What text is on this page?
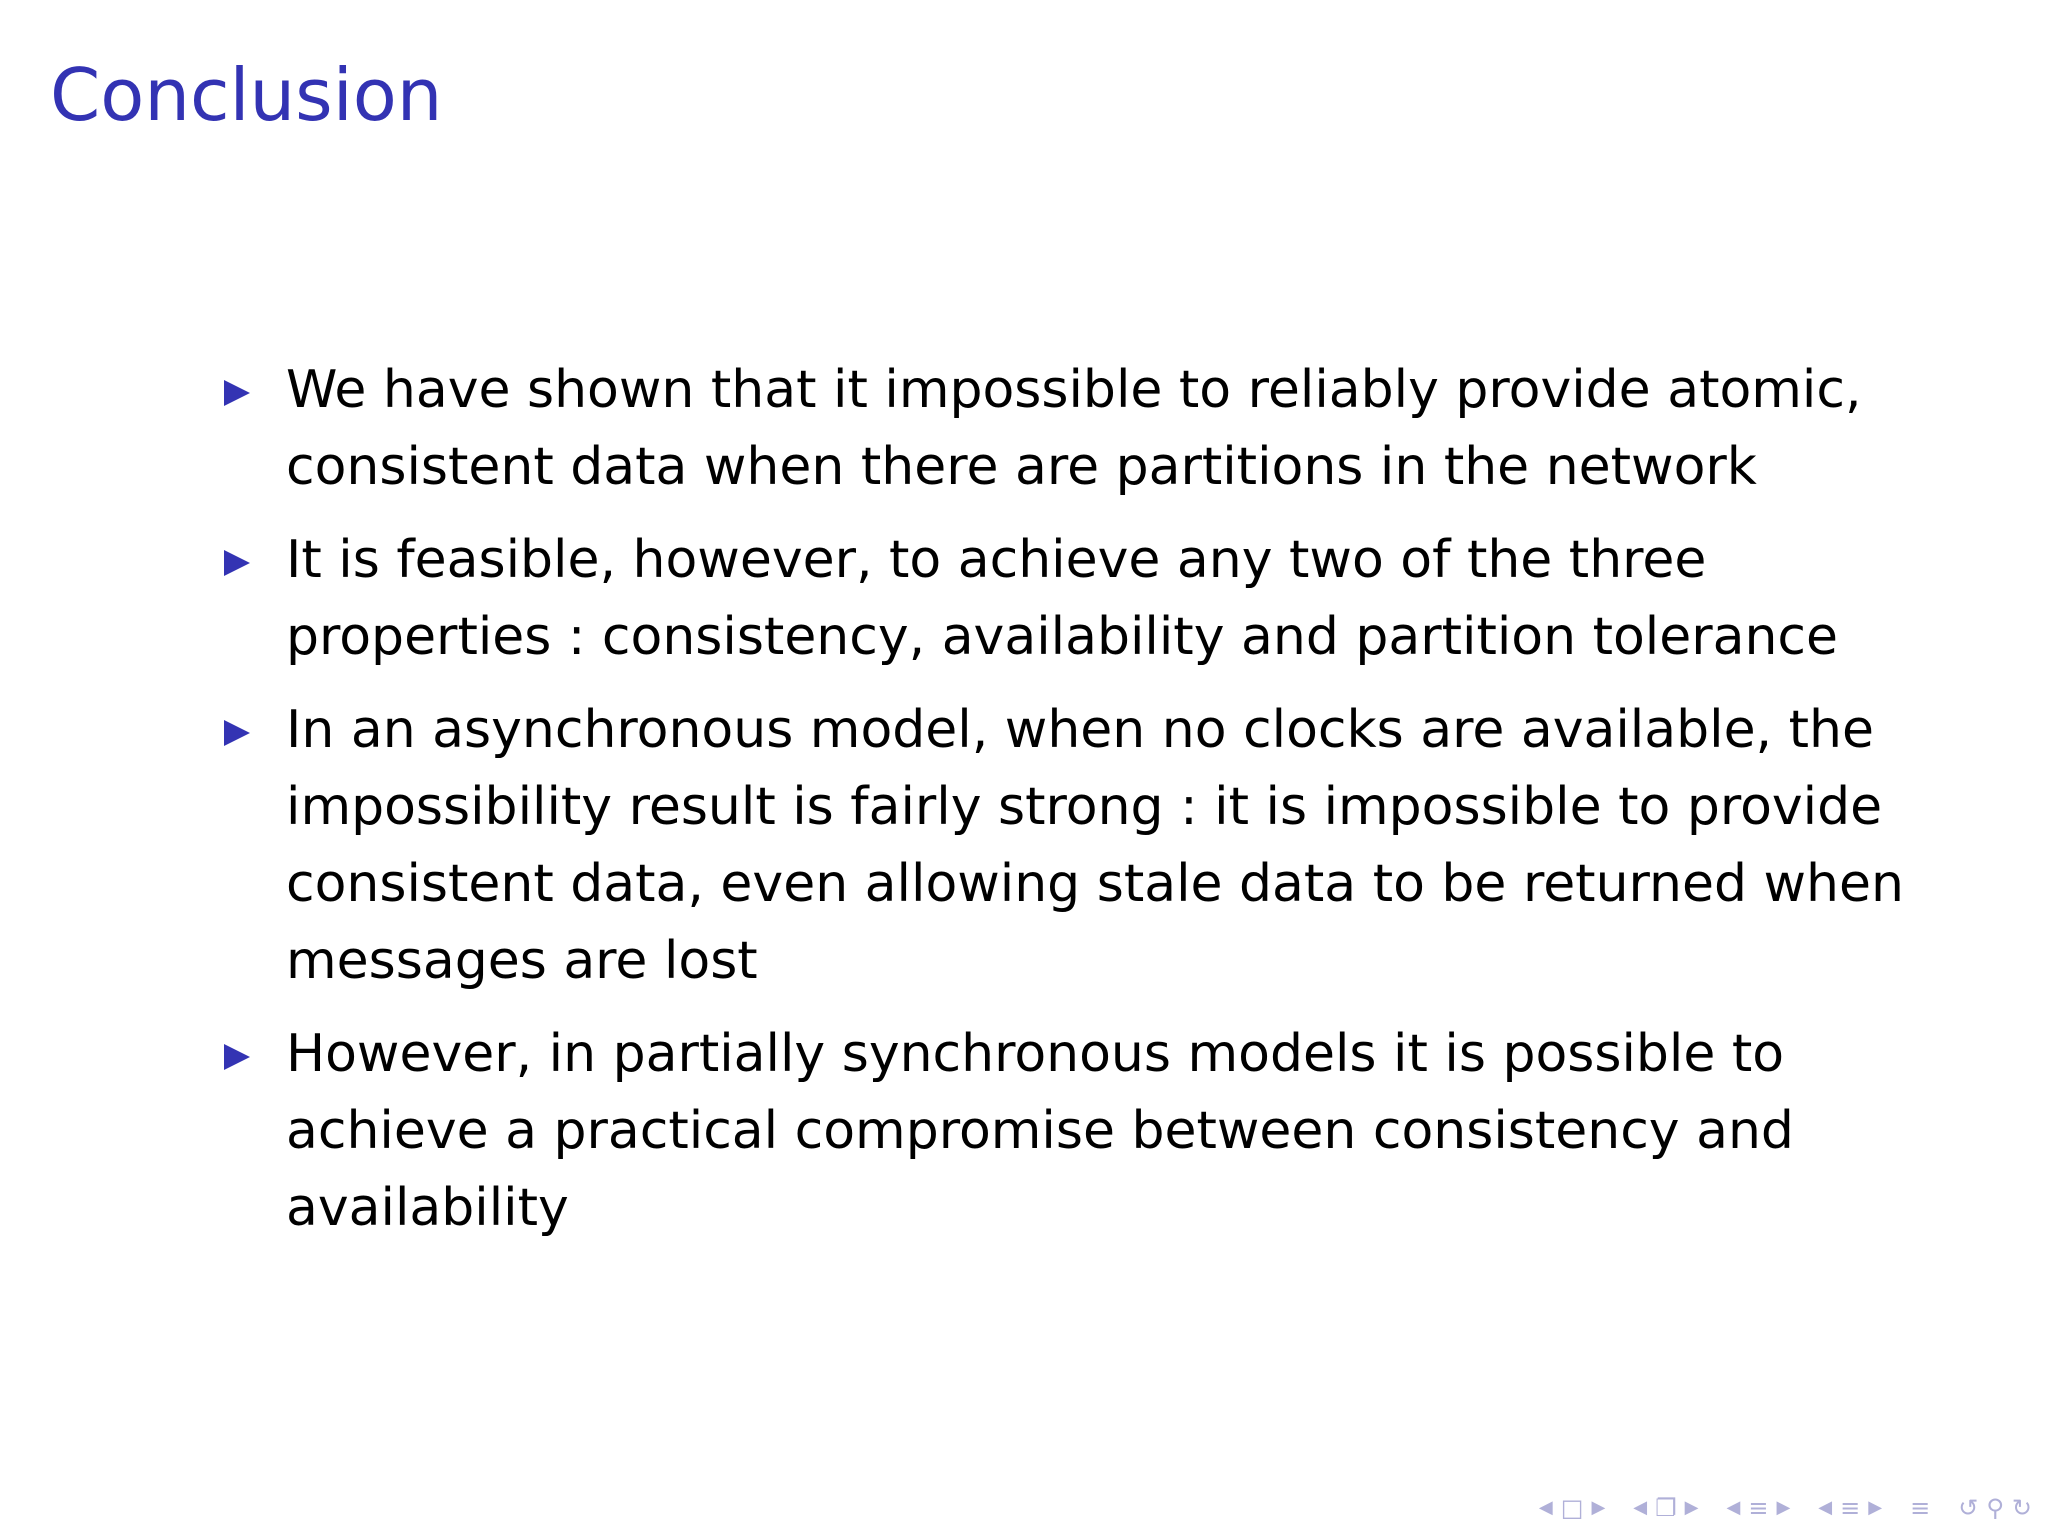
Conclusion
We have shown that it impossible to reliably provide atomic, consistent data when there are partitions in the network
It is feasible, however, to achieve any two of the three properties : consistency, availability and partition tolerance
In an asynchronous model, when no clocks are available, the impossibility result is fairly strong : it is impossible to provide consistent data, even allowing stale data to be returned when messages are lost
However, in partially synchronous models it is possible to achieve a practical compromise between consistency and availability
◀ □ ▶ ◀ ❐ ▶ ◀ ≡ ▶ ◀ ≡ ▶ ≡ ↺ ⚲ ↻
